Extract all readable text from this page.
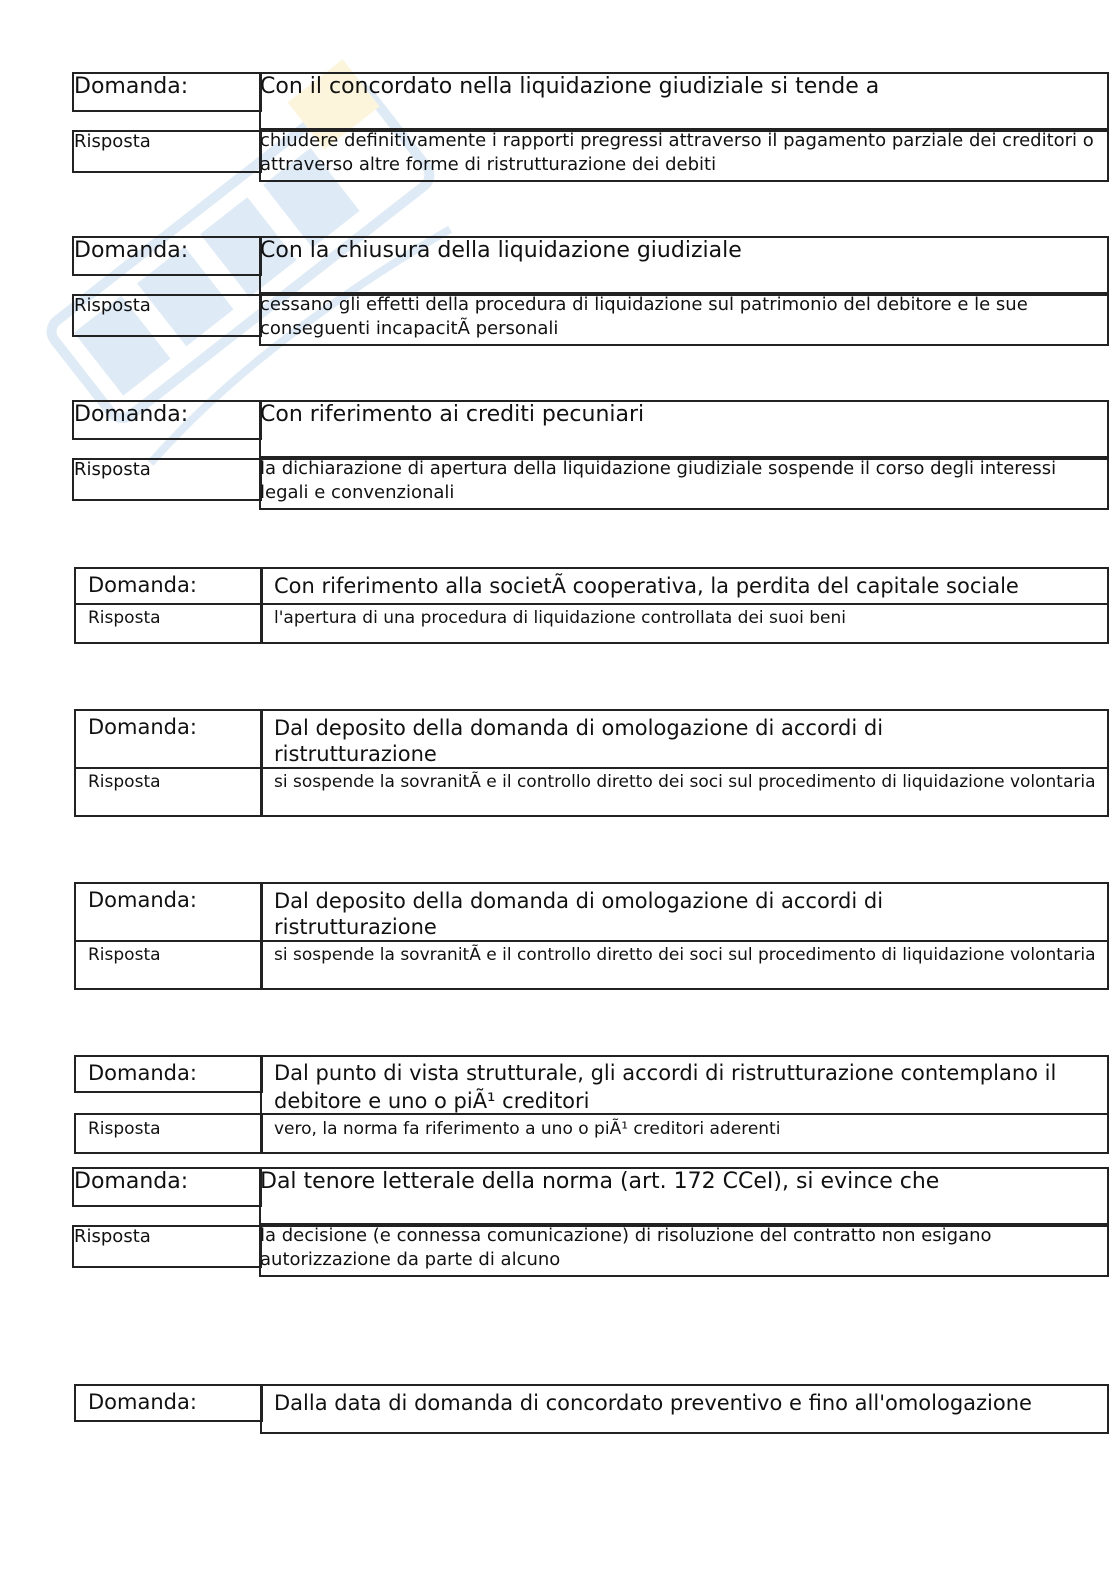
Domanda:	Con il concordato nella liquidazione giudiziale si tende a
Risposta	chiudere definitivamente i rapporti pregressi attraverso il pagamento parziale dei creditori o attraverso altre forme di ristrutturazione dei debiti
Domanda:	Con la chiusura della liquidazione giudiziale
Risposta	cessano gli effetti della procedura di liquidazione sul patrimonio del debitore e le sue conseguenti incapacitÃ personali
Domanda:	Con riferimento ai crediti pecuniari
Risposta	la dichiarazione di apertura della liquidazione giudiziale sospende il corso degli interessi legali e convenzionali
Domanda:	Con riferimento alla societÃ cooperativa, la perdita del capitale sociale
Risposta	l'apertura di una procedura di liquidazione controllata dei suoi beni
Domanda:	Dal deposito della domanda di omologazione di accordi di ristrutturazione
Risposta	si sospende la sovranitÃ e il controllo diretto dei soci sul procedimento di liquidazione volontaria
Domanda:	Dal deposito della domanda di omologazione di accordi di ristrutturazione
Risposta	si sospende la sovranitÃ e il controllo diretto dei soci sul procedimento di liquidazione volontaria
Domanda:	Dal punto di vista strutturale, gli accordi di ristrutturazione contemplano il debitore e uno o piÃ¹ creditori
Risposta	vero, la norma fa riferimento a uno o piÃ¹ creditori aderenti
Domanda:	Dal tenore letterale della norma (art. 172 CCeI), si evince che
Risposta	la decisione (e connessa comunicazione) di risoluzione del contratto non esigano autorizzazione da parte di alcuno
Domanda:	Dalla data di domanda di concordato preventivo e fino all'omologazione
